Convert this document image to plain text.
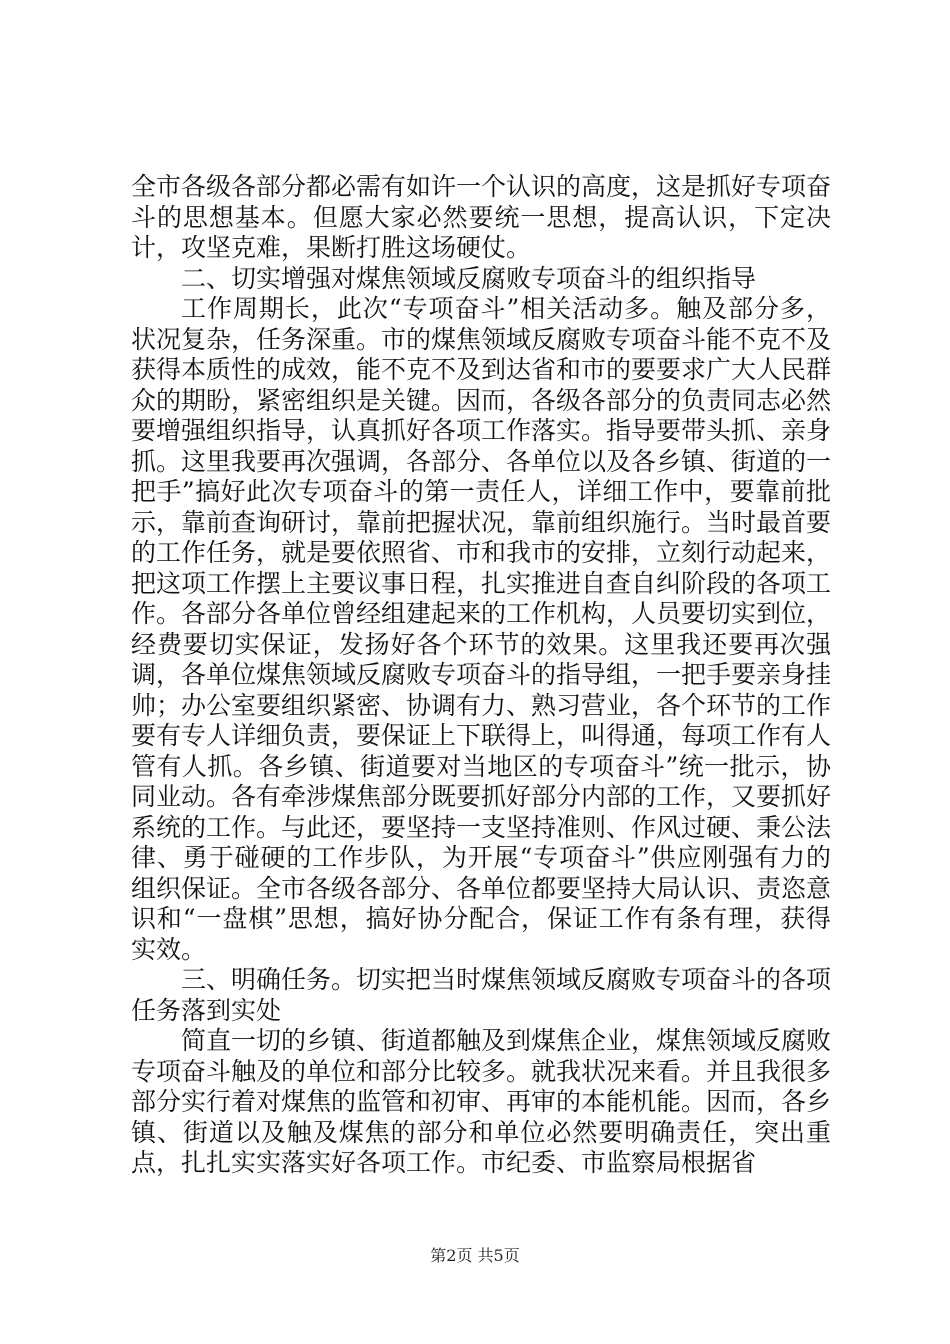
全市各级各部分都必需有如许一个认识的高度，这是抓好专项奋斗的思想基本。但愿大家必然要统一思想，提高认识，下定决计，攻坚克难，果断打胜这场硬仗。

二、切实增强对煤焦领域反腐败专项奋斗的组织指导

工作周期长，此次“专项奋斗”相关活动多。触及部分多，状况复杂，任务深重。市的煤焦领域反腐败专项奋斗能不克不及获得本质性的成效，能不克不及到达省和市的要要求广大人民群众的期盼，紧密组织是关键。因而，各级各部分的负责同志必然要增强组织指导，认真抓好各项工作落实。指导要带头抓、亲身抓。这里我要再次强调，各部分、各单位以及各乡镇、街道的一把手”搞好此次专项奋斗的第一责任人，详细工作中，要靠前批示，靠前查询研讨，靠前把握状况，靠前组织施行。当时最首要的工作任务，就是要依照省、市和我市的安排，立刻行动起来，把这项工作摆上主要议事日程，扎实推进自查自纠阶段的各项工作。各部分各单位曾经组建起来的工作机构，人员要切实到位，经费要切实保证，发扬好各个环节的效果。这里我还要再次强调，各单位煤焦领域反腐败专项奋斗的指导组，一把手要亲身挂帅；办公室要组织紧密、协调有力、熟习营业，各个环节的工作要有专人详细负责，要保证上下联得上，叫得通，每项工作有人管有人抓。各乡镇、街道要对当地区的专项奋斗”统一批示，协同业动。各有牵涉煤焦部分既要抓好部分内部的工作，又要抓好系统的工作。与此还，要坚持一支坚持准则、作风过硬、秉公法律、勇于碰硬的工作步队，为开展“专项奋斗”供应刚强有力的组织保证。全市各级各部分、各单位都要坚持大局认识、责恣意识和“一盘棋”思想，搞好协分配合，保证工作有条有理，获得实效。

三、明确任务。切实把当时煤焦领域反腐败专项奋斗的各项任务落到实处

简直一切的乡镇、街道都触及到煤焦企业，煤焦领域反腐败专项奋斗触及的单位和部分比较多。就我状况来看。并且我很多部分实行着对煤焦的监管和初审、再审的本能机能。因而，各乡镇、街道以及触及煤焦的部分和单位必然要明确责任，突出重点，扎扎实实落实好各项工作。市纪委、市监察局根据省

第2页 共5页
